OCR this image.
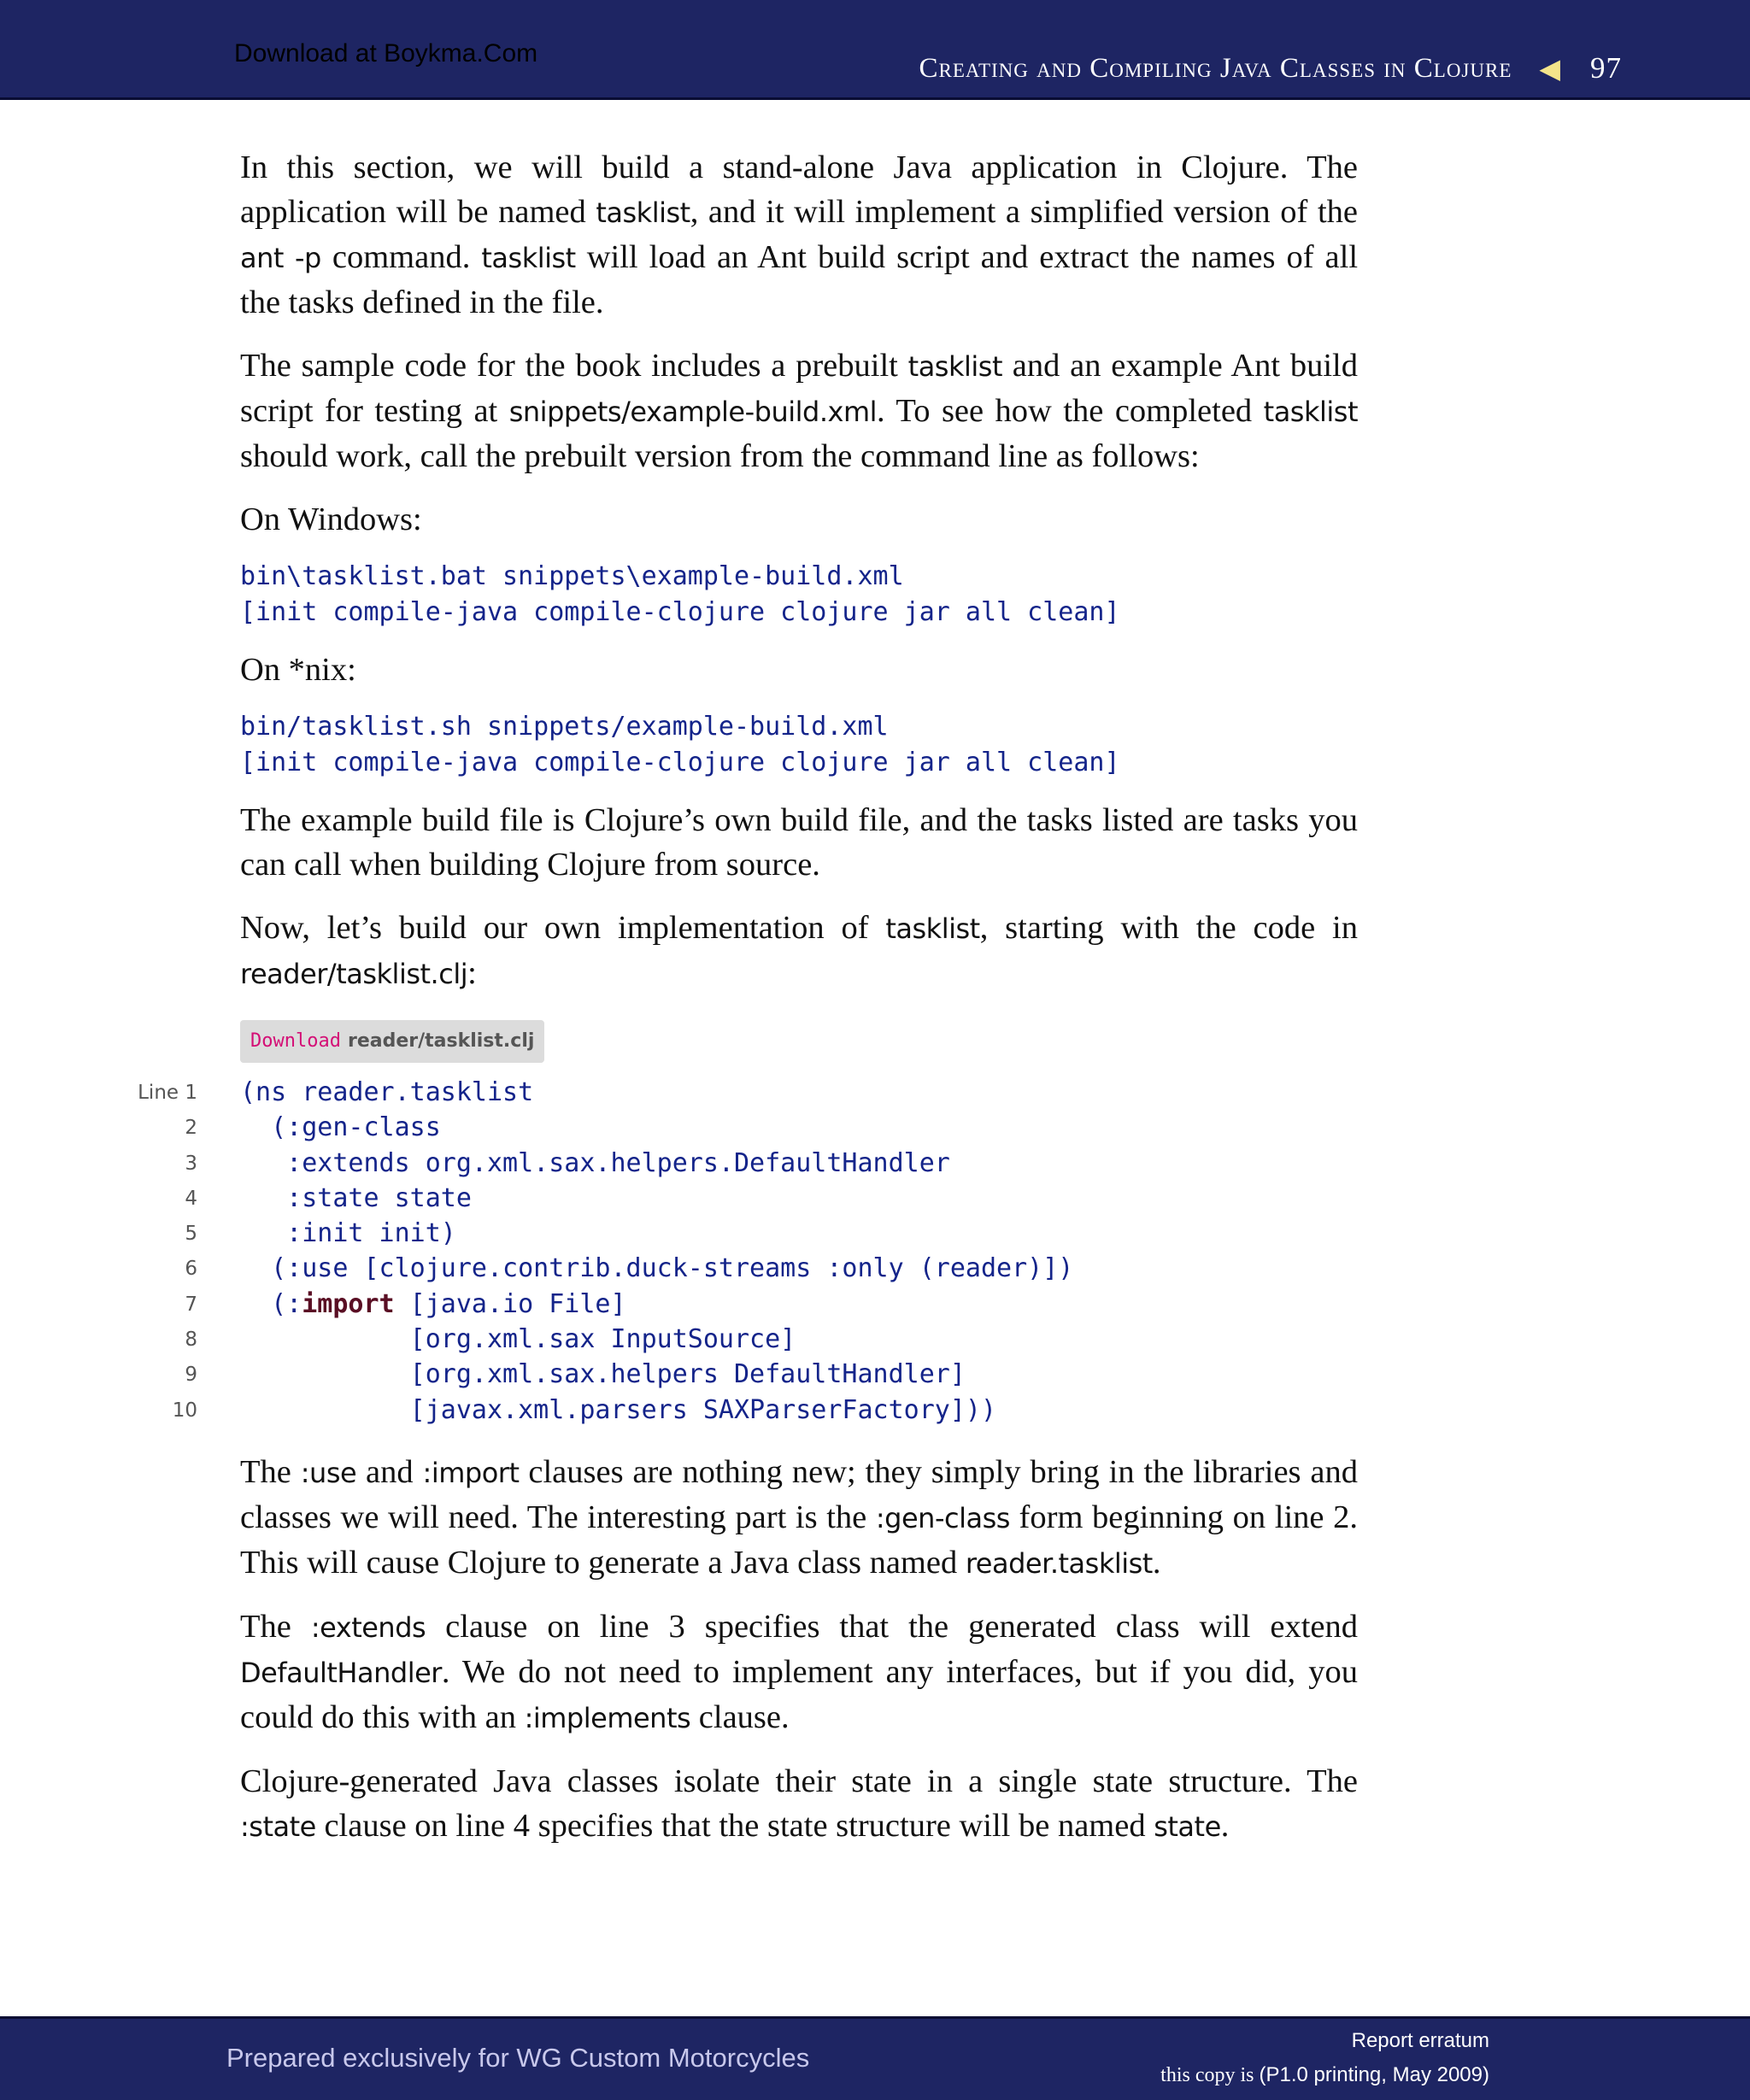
Download at Boykma.Com	Creating and Compiling Java Classes in Clojure ◀ 97

In this section, we will build a stand-alone Java application in Clojure. The application will be named tasklist, and it will implement a simplified version of the ant -p command. tasklist will load an Ant build script and extract the names of all the tasks defined in the file.

The sample code for the book includes a prebuilt tasklist and an example Ant build script for testing at snippets/example-build.xml. To see how the completed tasklist should work, call the prebuilt version from the command line as follows:

On Windows:

bin\tasklist.bat snippets\example-build.xml
[init compile-java compile-clojure clojure jar all clean]

On *nix:

bin/tasklist.sh snippets/example-build.xml
[init compile-java compile-clojure clojure jar all clean]

The example build file is Clojure’s own build file, and the tasks listed are tasks you can call when building Clojure from source.

Now, let’s build our own implementation of tasklist, starting with the code in reader/tasklist.clj:

Download reader/tasklist.clj
Line 1 (ns reader.tasklist
2 (:gen-class
3 :extends org.xml.sax.helpers.DefaultHandler
4 :state state
5 :init init)
6 (:use [clojure.contrib.duck-streams :only (reader)])
7 (:import [java.io File]
8 [org.xml.sax InputSource]
9 [org.xml.sax.helpers DefaultHandler]
10 [javax.xml.parsers SAXParserFactory]))

The :use and :import clauses are nothing new; they simply bring in the libraries and classes we will need. The interesting part is the :gen-class form beginning on line 2. This will cause Clojure to generate a Java class named reader.tasklist.

The :extends clause on line 3 specifies that the generated class will extend DefaultHandler. We do not need to implement any interfaces, but if you did, you could do this with an :implements clause.

Clojure-generated Java classes isolate their state in a single state structure. The :state clause on line 4 specifies that the state structure will be named state.

Prepared exclusively for WG Custom Motorcycles
Report erratum
this copy is (P1.0 printing, May 2009)
